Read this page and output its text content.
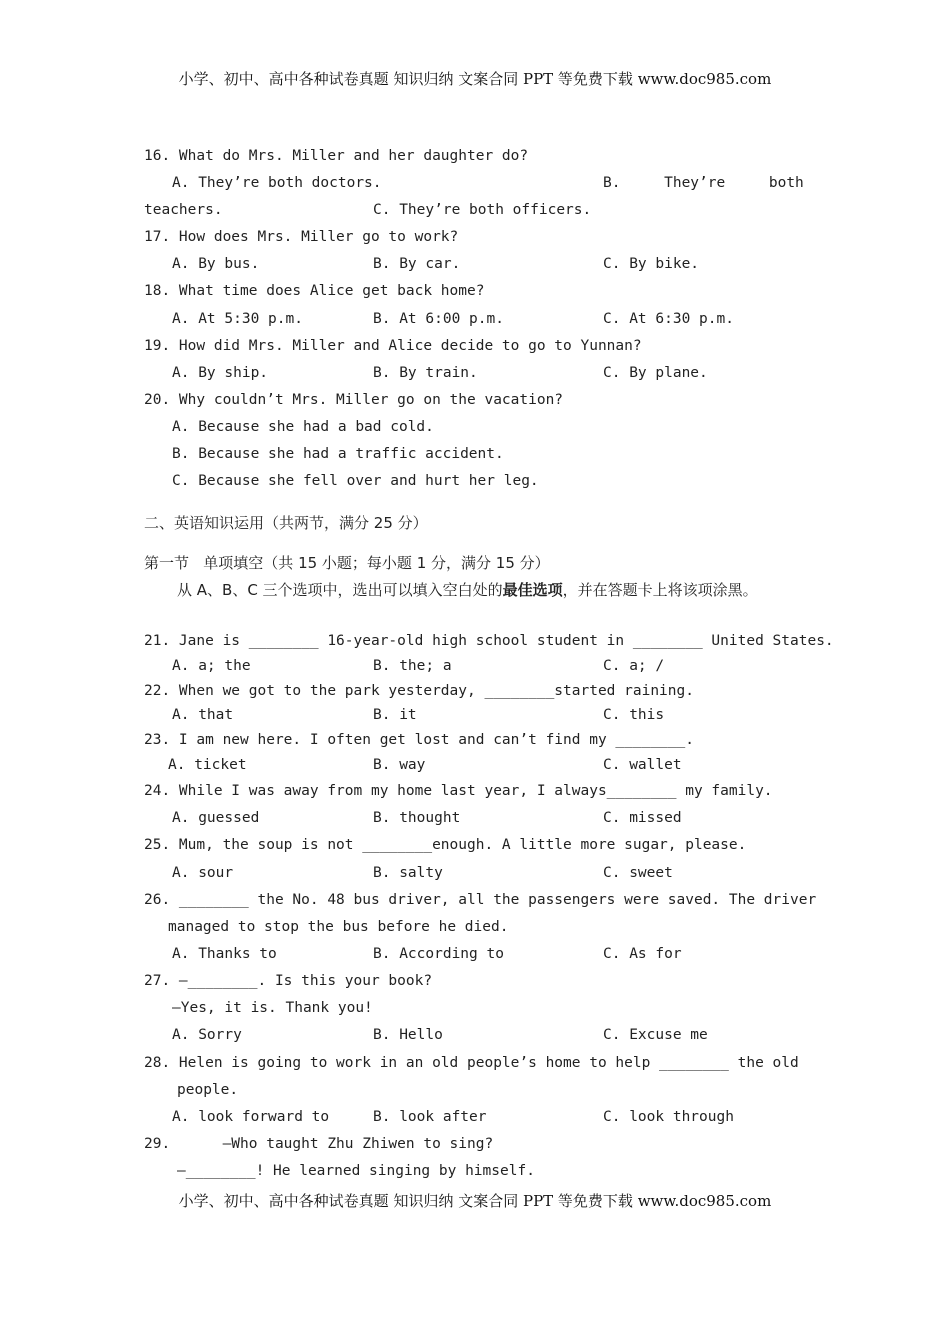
小学、初中、高中各种试卷真题 知识归纳 文案合同 PPT 等免费下载 www.doc985.com
16. What do Mrs. Miller and her daughter do?
A. They’re both doctors.	B.     They’re     both
teachers.	C. They’re both officers.
17. How does Mrs. Miller go to work?
A. By bus.	B. By car.	C. By bike.
18. What time does Alice get back home?
A. At 5:30 p.m.	B. At 6:00 p.m.	C. At 6:30 p.m.
19. How did Mrs. Miller and Alice decide to go to Yunnan?
A. By ship.	B. By train.	C. By plane.
20. Why couldn’t Mrs. Miller go on the vacation?
A. Because she had a bad cold.
B. Because she had a traffic accident.
C. Because she fell over and hurt her leg.
二、英语知识运用（共两节，满分 25 分）
第一节   单项填空（共 15 小题；每小题 1 分，满分 15 分）
从 A、B、C 三个选项中，选出可以填入空白处的最佳选项，并在答题卡上将该项涂黑。
21. Jane is ________ 16-year-old high school student in ________ United States.
A. a; the	B. the; a	C. a; /
22. When we got to the park yesterday, ________started raining.
A. that	B. it	C. this
23. I am new here. I often get lost and can’t find my ________.
A. ticket	B. way	C. wallet
24. While I was away from my home last year, I always________ my family.
A. guessed	B. thought	C. missed
25. Mum, the soup is not ________enough. A little more sugar, please.
A. sour	B. salty	C. sweet
26. ________ the No. 48 bus driver, all the passengers were saved. The driver
managed to stop the bus before he died.
A. Thanks to	B. According to	C. As for
27. —________. Is this your book?
—Yes, it is. Thank you!
A. Sorry	B. Hello	C. Excuse me
28. Helen is going to work in an old people’s home to help ________ the old
people.
A. look forward to	B. look after	C. look through
29.      —Who taught Zhu Zhiwen to sing?
—________! He learned singing by himself.
小学、初中、高中各种试卷真题 知识归纳 文案合同 PPT 等免费下载 www.doc985.com
